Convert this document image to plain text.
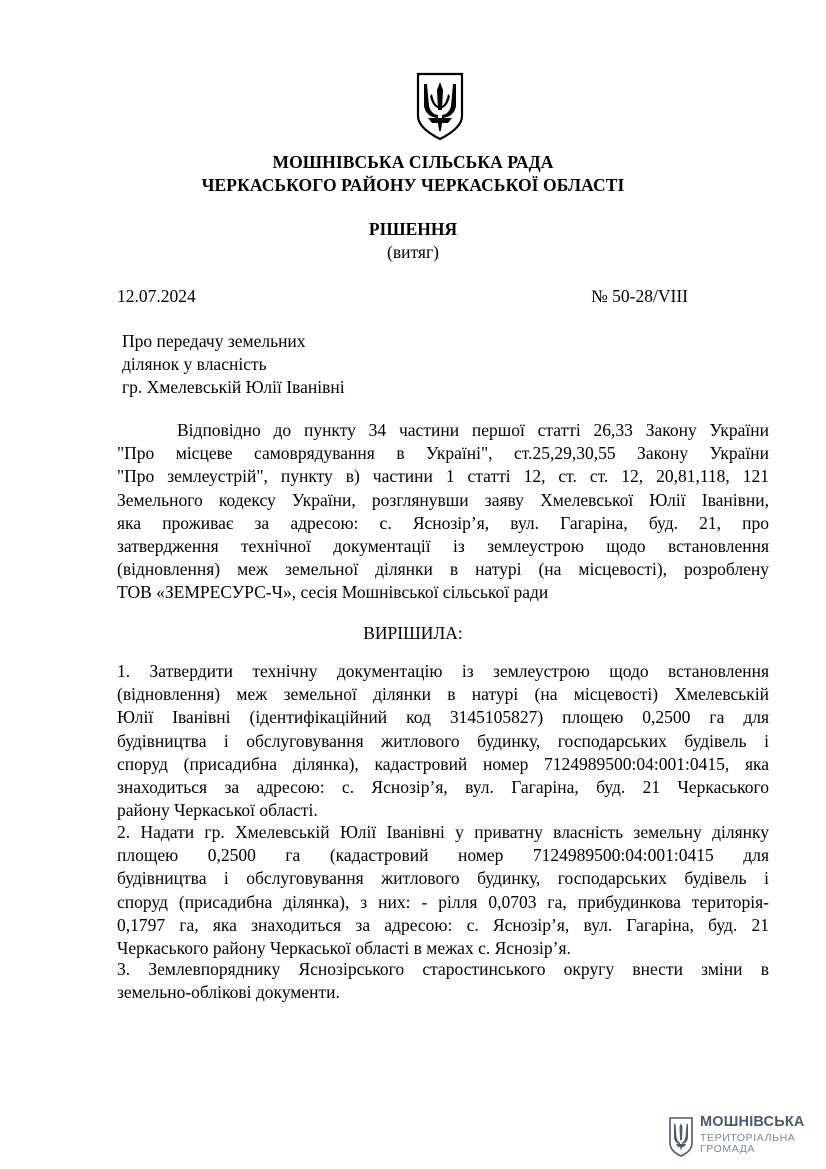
МОШНІВСЬКА СІЛЬСЬКА РАДА
ЧЕРКАСЬКОГО РАЙОНУ ЧЕРКАСЬКОЇ ОБЛАСТІ
РІШЕННЯ
(витяг)
12.07.2024	№ 50-28/VIII
Про передачу земельних
ділянок у власність
гр. Хмелевській Юлії Іванівні
Відповідно до пункту 34 частини першої статті 26,33 Закону України
"Про місцеве самоврядування в Україні", ст.25,29,30,55 Закону України
"Про землеустрій", пункту в) частини 1 статті 12, ст. ст. 12, 20,81,118, 121
Земельного кодексу України, розглянувши заяву Хмелевської Юлії Іванівни,
яка проживає за адресою: с. Яснозір’я, вул. Гагаріна, буд. 21, про
затвердження технічної документації із землеустрою щодо встановлення
(відновлення) меж земельної ділянки в натурі (на місцевості), розроблену
ТОВ «ЗЕМРЕСУРС-Ч», сесія Мошнівської сільської ради
ВИРІШИЛА:
1. Затвердити технічну документацію із землеустрою щодо встановлення
(відновлення) меж земельної ділянки в натурі (на місцевості) Хмелевській
Юлії Іванівні (ідентифікаційний код 3145105827) площею 0,2500 га для
будівництва і обслуговування житлового будинку, господарських будівель і
споруд (присадибна ділянка), кадастровий номер 7124989500:04:001:0415, яка
знаходиться за адресою: с. Яснозір’я, вул. Гагаріна, буд. 21 Черкаського
району Черкаської області.
2. Надати гр. Хмелевській Юлії Іванівні у приватну власність земельну ділянку
площею 0,2500 га (кадастровий номер 7124989500:04:001:0415 для
будівництва і обслуговування житлового будинку, господарських будівель і
споруд (присадибна ділянка), з них: - рілля 0,0703 га, прибудинкова територія-
0,1797 га, яка знаходиться за адресою: с. Яснозір’я, вул. Гагаріна, буд. 21
Черкаського району Черкаської області в межах с. Яснозір’я.
3. Землевпоряднику Яснозірського старостинського округу внести зміни в
земельно-облікові документи.
МОШНІВСЬКА
ТЕРИТОРІАЛЬНА
ГРОМАДА
